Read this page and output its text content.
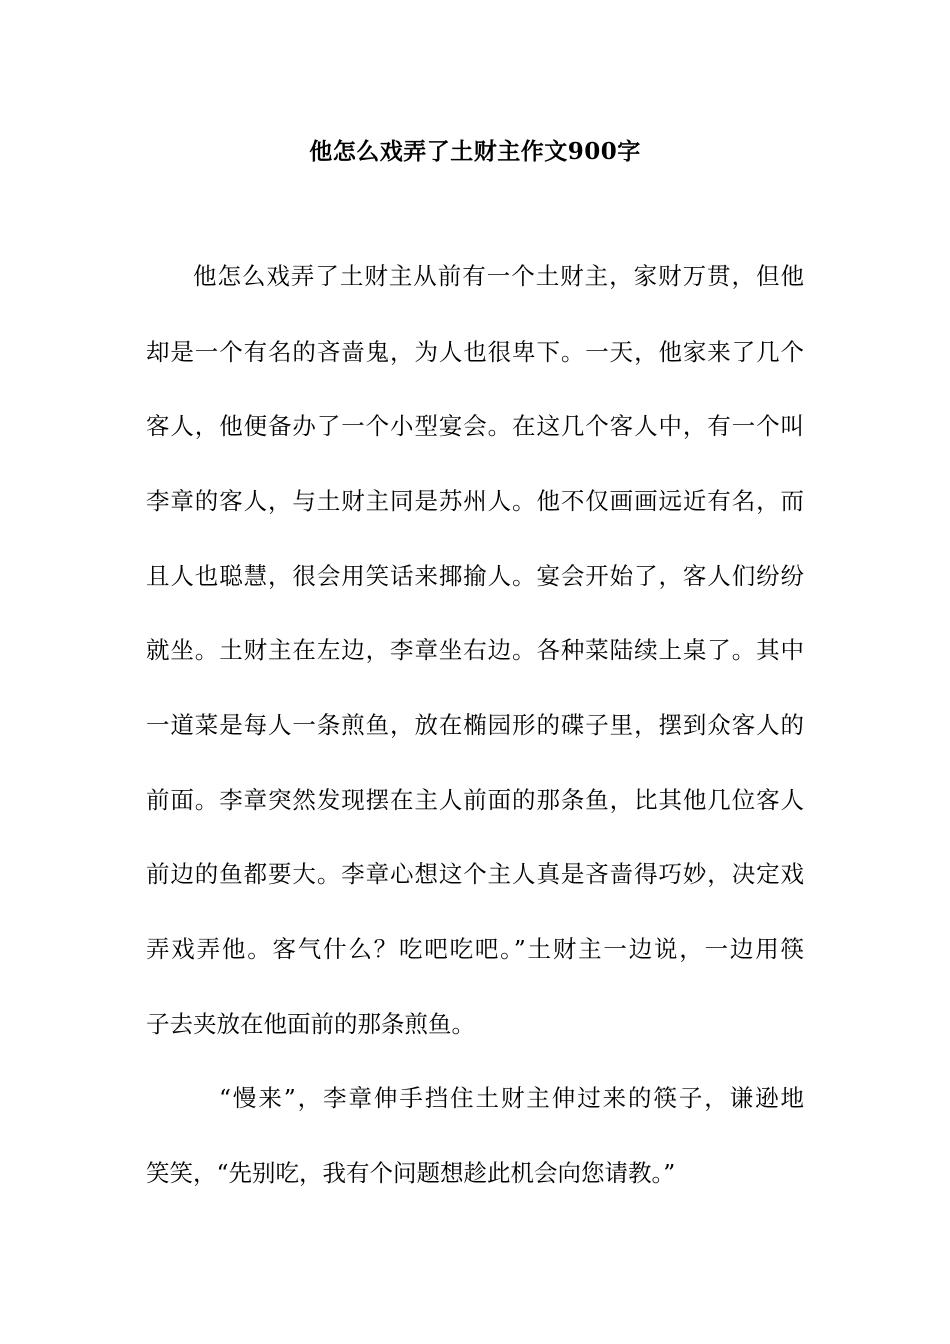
他怎么戏弄了土财主作文900字
他怎么戏弄了土财主从前有一个土财主，家财万贯，但他
却是一个有名的吝啬鬼，为人也很卑下。一天，他家来了几个
客人，他便备办了一个小型宴会。在这几个客人中，有一个叫
李章的客人，与土财主同是苏州人。他不仅画画远近有名，而
且人也聪慧，很会用笑话来揶揄人。宴会开始了，客人们纷纷
就坐。土财主在左边，李章坐右边。各种菜陆续上桌了。其中
一道菜是每人一条煎鱼，放在椭园形的碟子里，摆到众客人的
前面。李章突然发现摆在主人前面的那条鱼，比其他几位客人
前边的鱼都要大。李章心想这个主人真是吝啬得巧妙，决定戏
弄戏弄他。客气什么？吃吧吃吧。”土财主一边说，一边用筷
子去夹放在他面前的那条煎鱼。
“慢来”，李章伸手挡住土财主伸过来的筷子，谦逊地
笑笑，“先别吃，我有个问题想趁此机会向您请教。”
